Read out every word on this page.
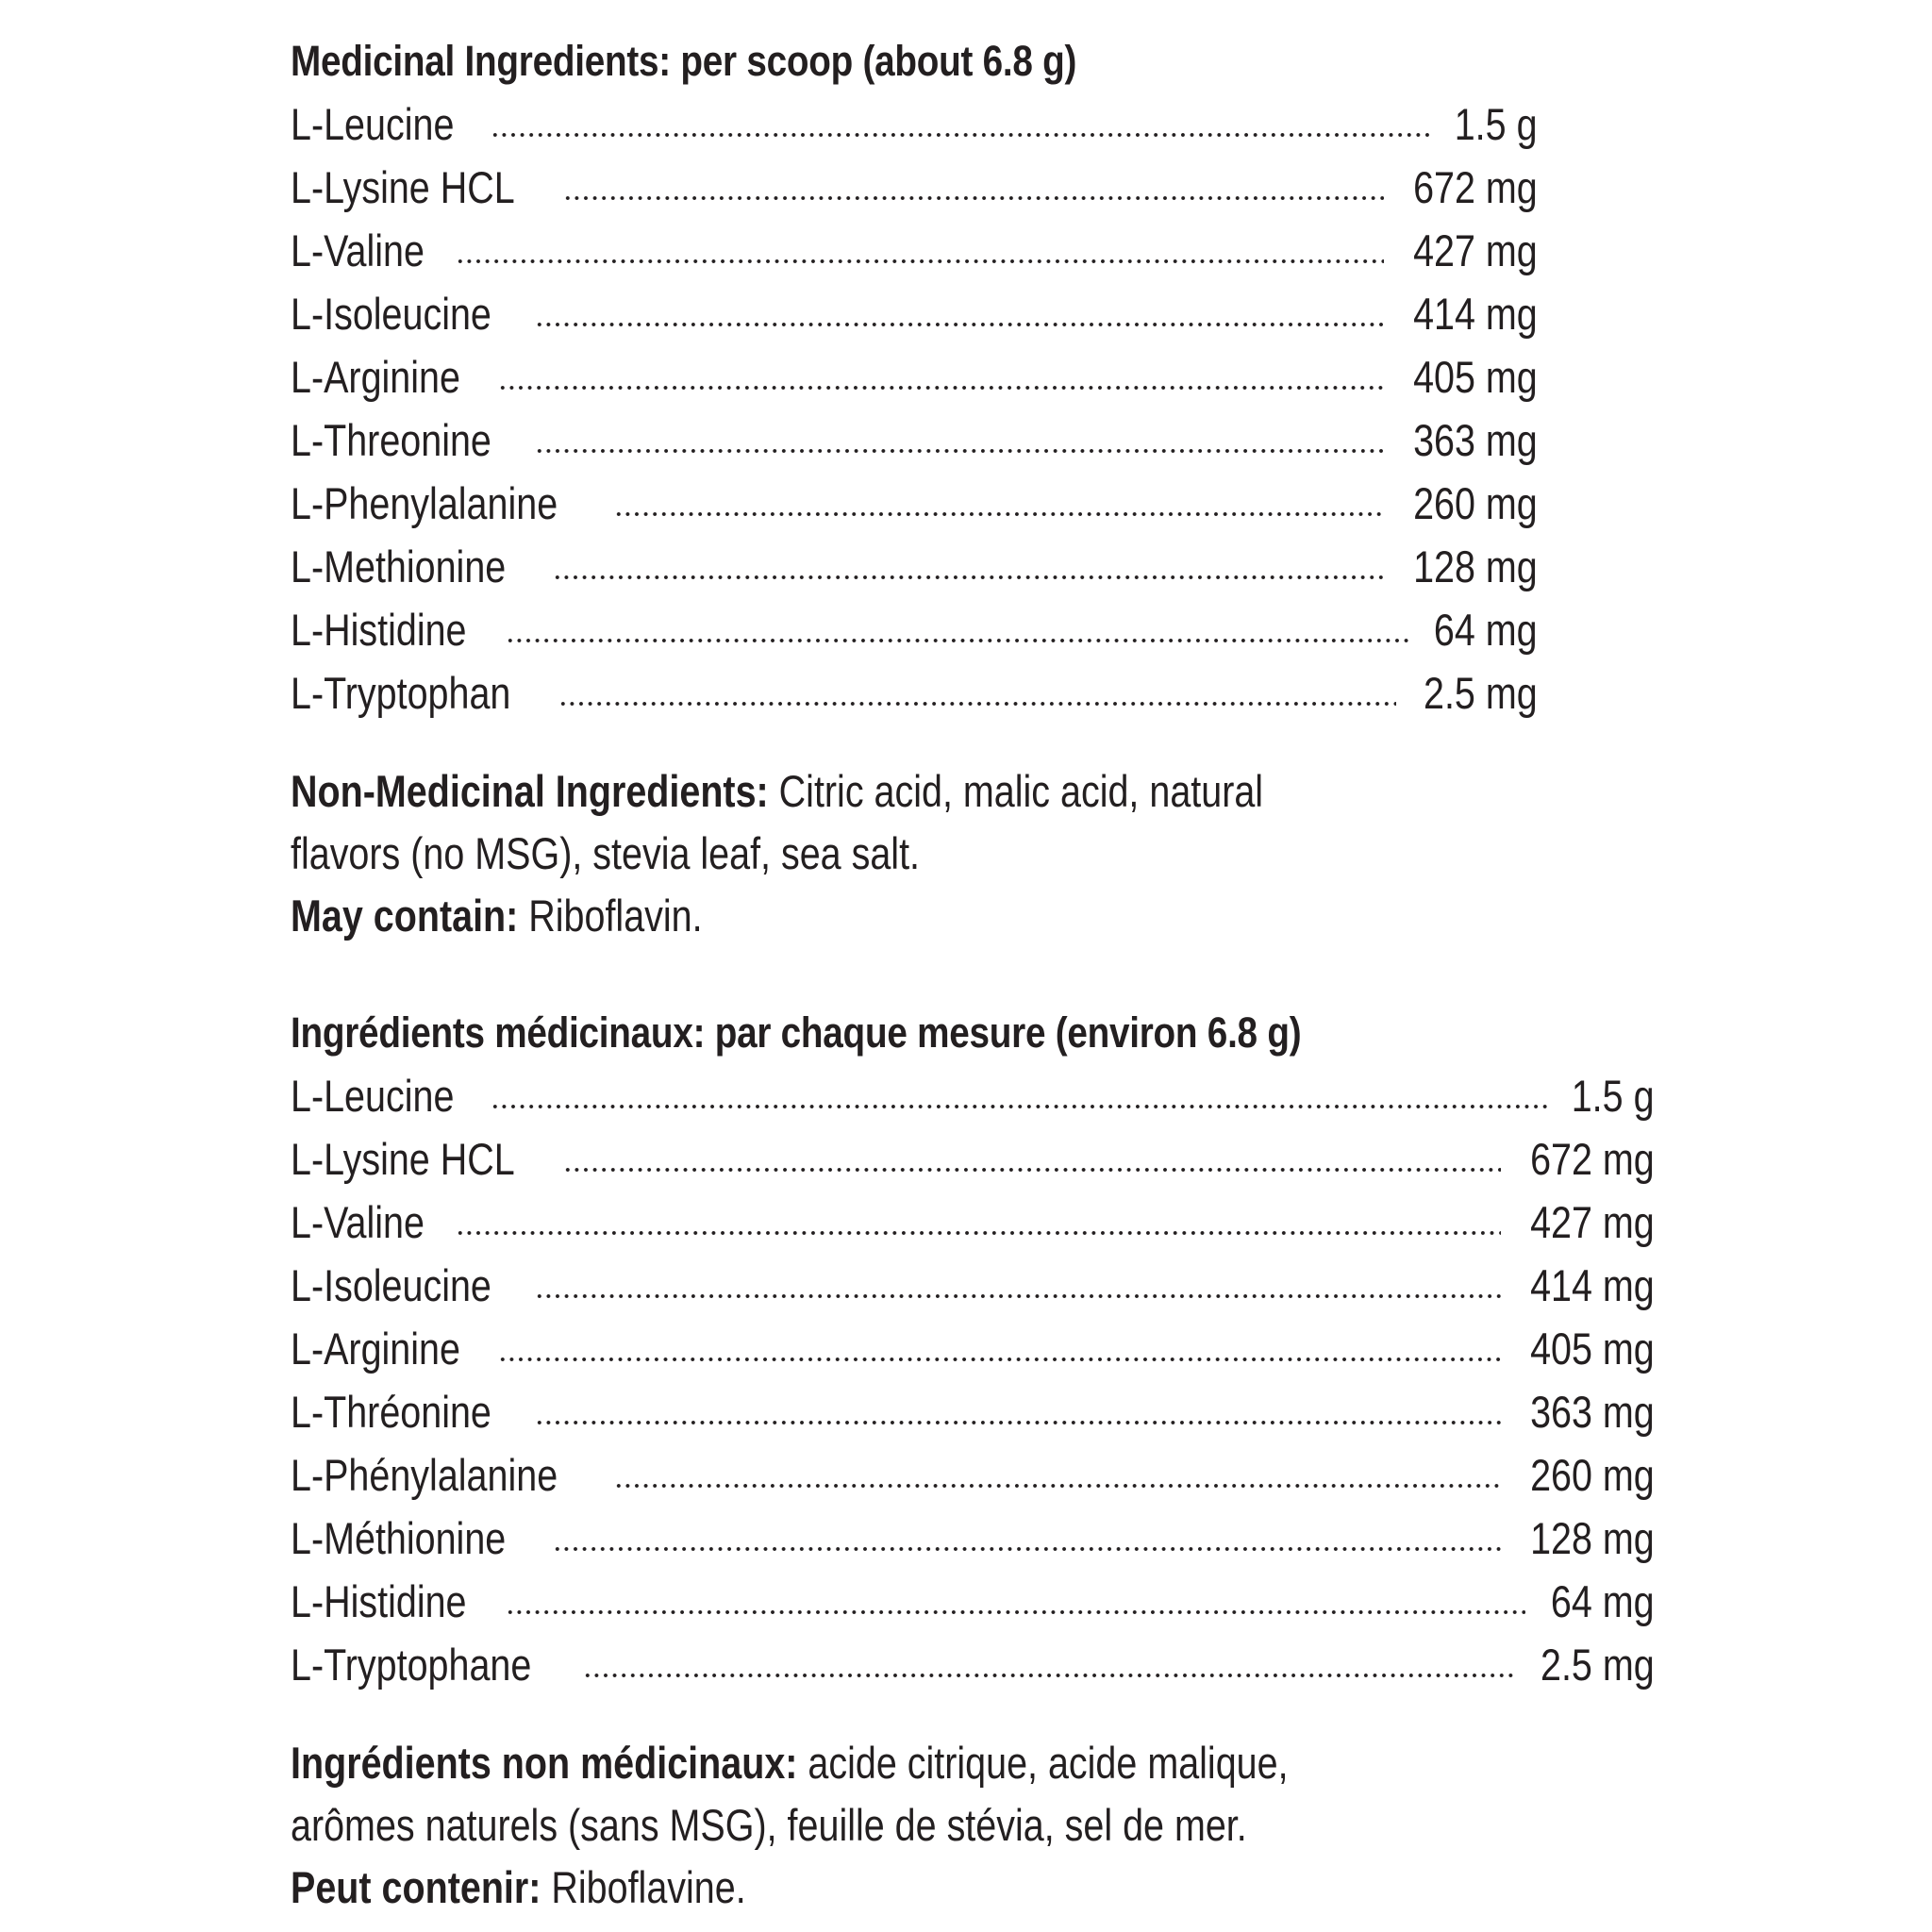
Medicinal Ingredients: per scoop (about 6.8 g)
L-Leucine	1.5 g
L-Lysine HCL	672 mg
L-Valine	427 mg
L-Isoleucine	414 mg
L-Arginine	405 mg
L-Threonine	363 mg
L-Phenylalanine	260 mg
L-Methionine	128 mg
L-Histidine	64 mg
L-Tryptophan	2.5 mg

Non-Medicinal Ingredients: Citric acid, malic acid, natural

flavors (no MSG), stevia leaf, sea salt.

May contain: Riboflavin.

Ingrédients médicinaux: par chaque mesure (environ 6.8 g)
L-Leucine	1.5 g
L-Lysine HCL	672 mg
L-Valine	427 mg
L-Isoleucine	414 mg
L-Arginine	405 mg
L-Thréonine	363 mg
L-Phénylalanine	260 mg
L-Méthionine	128 mg
L-Histidine	64 mg
L-Tryptophane	2.5 mg

Ingrédients non médicinaux: acide citrique, acide malique,

arômes naturels (sans MSG), feuille de stévia, sel de mer.

Peut contenir: Riboflavine.
